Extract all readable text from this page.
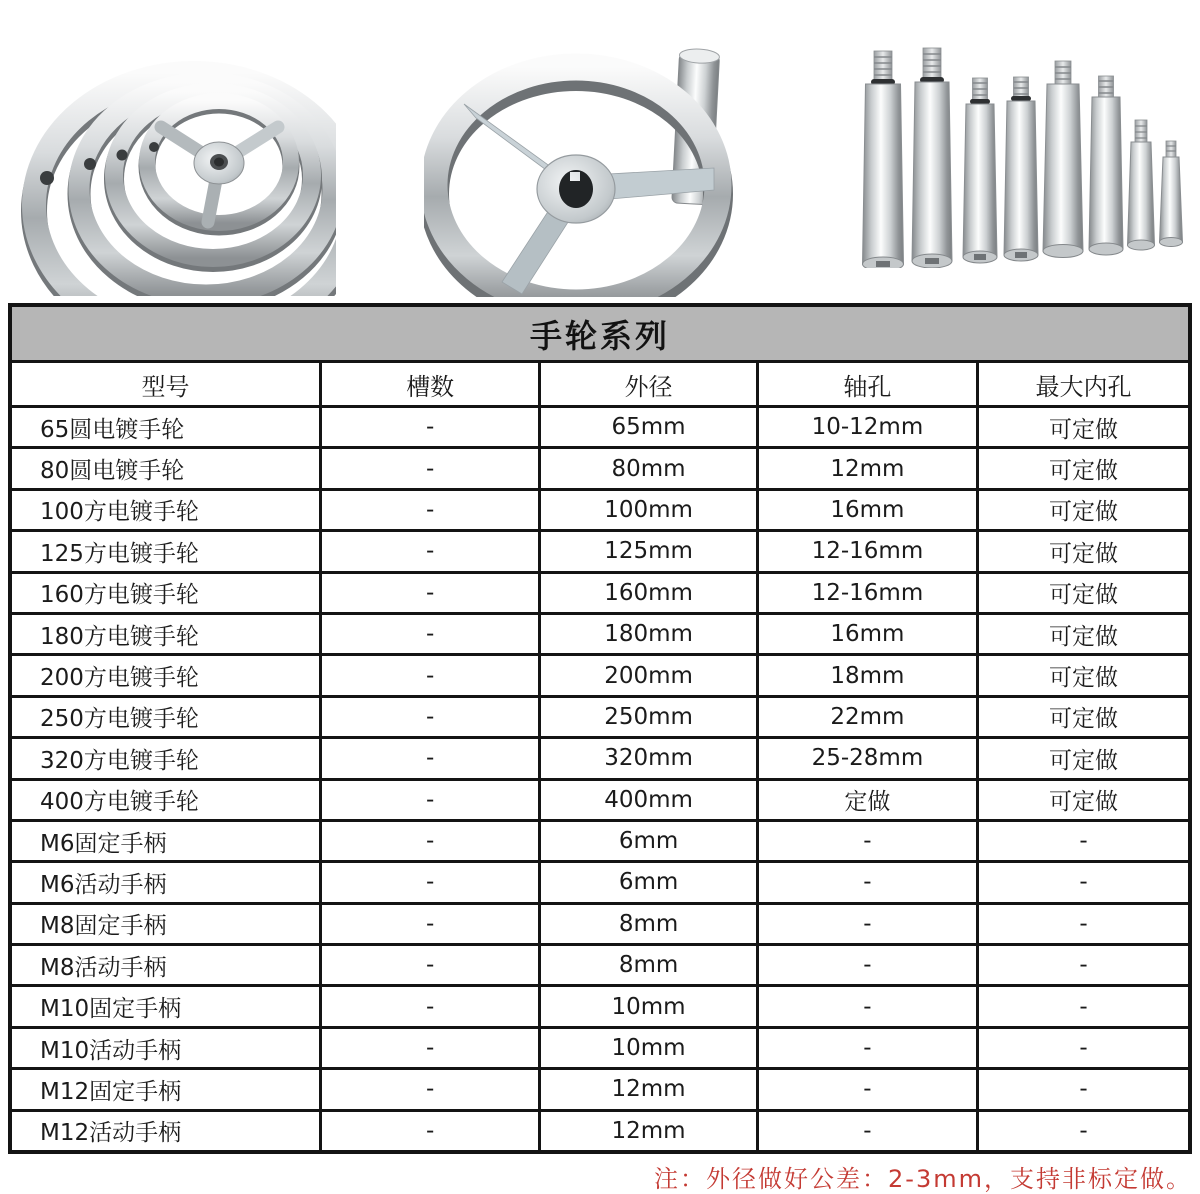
手轮系列				
型号	槽数	外径	轴孔	最大内孔
65圆电镀手轮	-	65mm	10-12mm	可定做
80圆电镀手轮	-	80mm	12mm	可定做
100方电镀手轮	-	100mm	16mm	可定做
125方电镀手轮	-	125mm	12-16mm	可定做
160方电镀手轮	-	160mm	12-16mm	可定做
180方电镀手轮	-	180mm	16mm	可定做
200方电镀手轮	-	200mm	18mm	可定做
250方电镀手轮	-	250mm	22mm	可定做
320方电镀手轮	-	320mm	25-28mm	可定做
400方电镀手轮	-	400mm	定做	可定做
M6固定手柄	-	6mm	-	-
M6活动手柄	-	6mm	-	-
M8固定手柄	-	8mm	-	-
M8活动手柄	-	8mm	-	-
M10固定手柄	-	10mm	-	-
M10活动手柄	-	10mm	-	-
M12固定手柄	-	12mm	-	-
M12活动手柄	-	12mm	-	-
注：外径做好公差：2-3mm，支持非标定做。
